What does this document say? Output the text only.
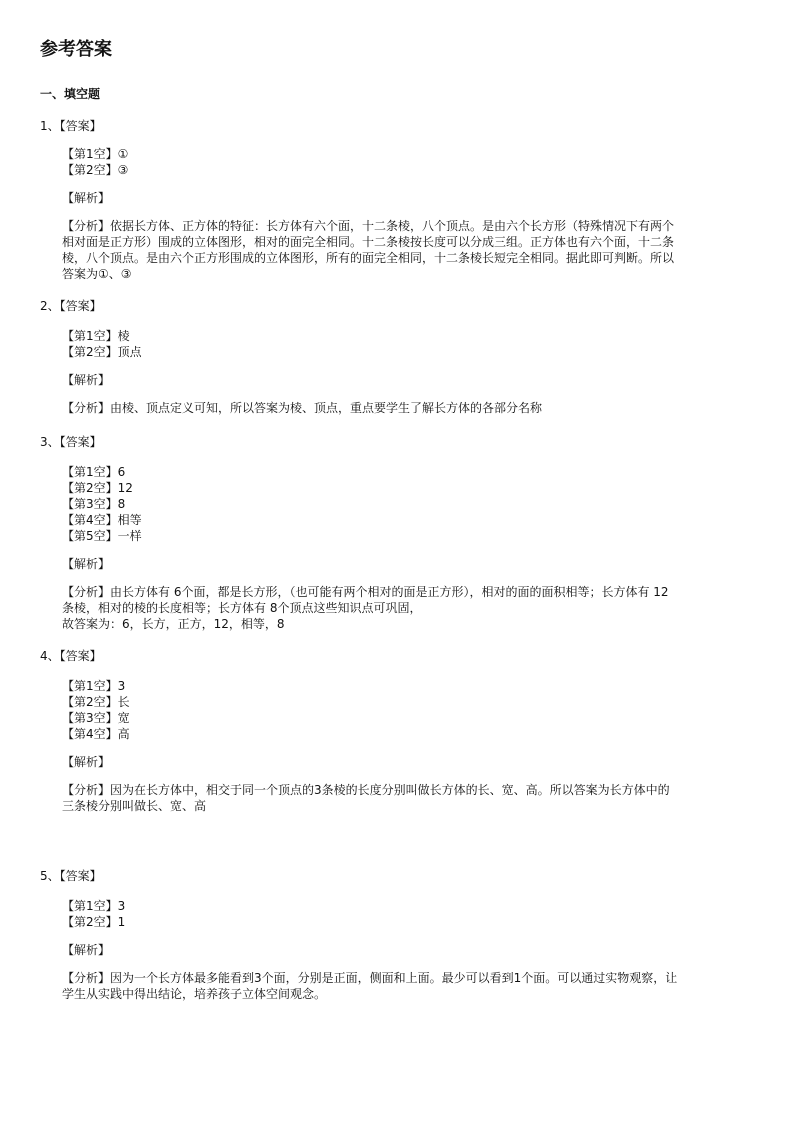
参考答案
一、填空题
1、【答案】
【第1空】①
【第2空】③
【解析】

【分析】依据长方体、正方体的特征：长方体有六个面，十二条棱，八个顶点。是由六个长方形（特殊情况下有两个
相对面是正方形）围成的立体图形，相对的面完全相同。十二条棱按长度可以分成三组。正方体也有六个面，十二条
棱，八个顶点。是由六个正方形围成的立体图形，所有的面完全相同，十二条棱长短完全相同。据此即可判断。所以
答案为①、③

2、【答案】
【第1空】棱
【第2空】顶点
【解析】

【分析】由棱、顶点定义可知，所以答案为棱、顶点，重点要学生了解长方体的各部分名称

3、【答案】
【第1空】6
【第2空】12
【第3空】8
【第4空】相等
【第5空】一样
【解析】

【分析】由长方体有 6个面，都是长方形，（也可能有两个相对的面是正方形），相对的面的面积相等；长方体有 12
条棱，相对的棱的长度相等；长方体有 8个顶点这些知识点可巩固，
故答案为：6，长方，正方，12，相等，8

4、【答案】
【第1空】3
【第2空】长
【第3空】宽
【第4空】高
【解析】

【分析】因为在长方体中，相交于同一个顶点的3条棱的长度分别叫做长方体的长、宽、高。所以答案为长方体中的
三条棱分别叫做长、宽、高

5、【答案】
【第1空】3
【第2空】1
【解析】

【分析】因为一个长方体最多能看到3个面，分别是正面，侧面和上面。最少可以看到1个面。可以通过实物观察，让
学生从实践中得出结论，培养孩子立体空间观念。
